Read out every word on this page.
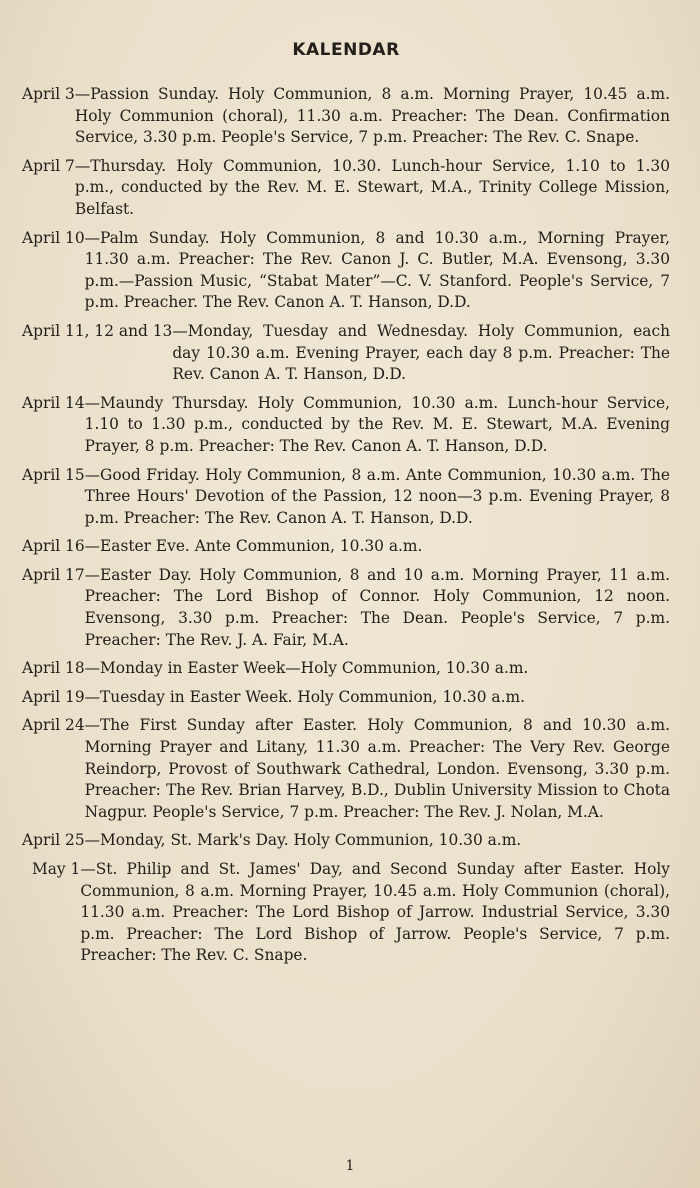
KALENDAR
April 3 —Passion Sunday. Holy Communion, 8 a.m. Morning Prayer, 10.45 a.m. Holy Communion (choral), 11.30 a.m. Preacher: The Dean. Confirmation Service, 3.30 p.m. People's Service, 7 p.m. Preacher: The Rev. C. Snape.
April 7 —Thursday. Holy Communion, 10.30. Lunch-hour Service, 1.10 to 1.30 p.m., conducted by the Rev. M. E. Stewart, M.A., Trinity College Mission, Belfast.
April 10 —Palm Sunday. Holy Communion, 8 and 10.30 a.m., Morning Prayer, 11.30 a.m. Preacher: The Rev. Canon J. C. Butler, M.A. Evensong, 3.30 p.m.—Passion Music, “Stabat Mater”—C. V. Stanford. People's Service, 7 p.m. Preacher. The Rev. Canon A. T. Hanson, D.D.
April 11, 12 and 13 —Monday, Tuesday and Wednesday. Holy Communion, each day 10.30 a.m. Evening Prayer, each day 8 p.m. Preacher: The Rev. Canon A. T. Hanson, D.D.
April 14 —Maundy Thursday. Holy Communion, 10.30 a.m. Lunch-hour Service, 1.10 to 1.30 p.m., conducted by the Rev. M. E. Stewart, M.A. Evening Prayer, 8 p.m. Preacher: The Rev. Canon A. T. Hanson, D.D.
April 15 —Good Friday. Holy Communion, 8 a.m. Ante Communion, 10.30 a.m. The Three Hours' Devotion of the Passion, 12 noon—3 p.m. Evening Prayer, 8 p.m. Preacher: The Rev. Canon A. T. Hanson, D.D.
April 16 —Easter Eve. Ante Communion, 10.30 a.m.
April 17 —Easter Day. Holy Communion, 8 and 10 a.m. Morning Prayer, 11 a.m. Preacher: The Lord Bishop of Connor. Holy Communion, 12 noon. Evensong, 3.30 p.m. Preacher: The Dean. People's Service, 7 p.m. Preacher: The Rev. J. A. Fair, M.A.
April 18 —Monday in Easter Week—Holy Communion, 10.30 a.m.
April 19 —Tuesday in Easter Week. Holy Communion, 10.30 a.m.
April 24 —The First Sunday after Easter. Holy Communion, 8 and 10.30 a.m. Morning Prayer and Litany, 11.30 a.m. Preacher: The Very Rev. George Reindorp, Provost of Southwark Cathedral, London. Evensong, 3.30 p.m. Preacher: The Rev. Brian Harvey, B.D., Dublin University Mission to Chota Nagpur. People's Service, 7 p.m. Preacher: The Rev. J. Nolan, M.A.
April 25 —Monday, St. Mark's Day. Holy Communion, 10.30 a.m.
May 1 —St. Philip and St. James' Day, and Second Sunday after Easter. Holy Communion, 8 a.m. Morning Prayer, 10.45 a.m. Holy Communion (choral), 11.30 a.m. Preacher: The Lord Bishop of Jarrow. Industrial Service, 3.30 p.m. Preacher: The Lord Bishop of Jarrow. People's Service, 7 p.m. Preacher: The Rev. C. Snape.
1
